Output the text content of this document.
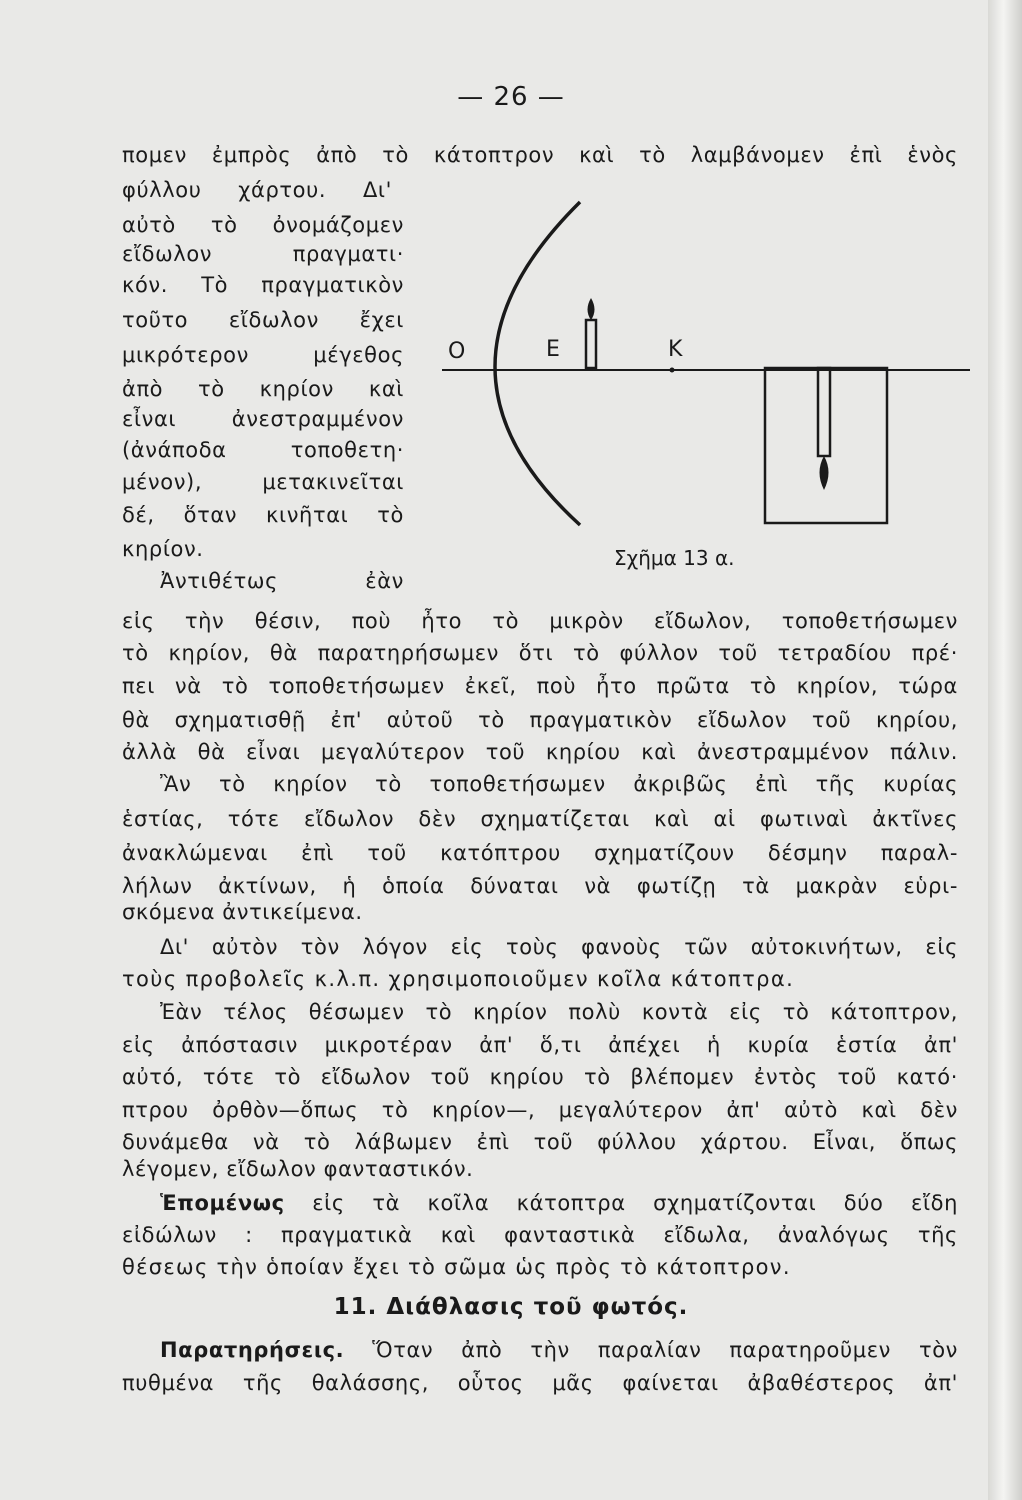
— 26 —
πομεν ἐμπρὸς ἀπὸ τὸ κάτοπτρον καὶ τὸ λαμβάνομεν ἐπὶ ἑνὸς
φύλλου χάρτου. Δι'
αὐτὸ τὸ ὀνομάζομεν
εἴδωλον πραγματι·
κόν. Τὸ πραγματικὸν
τοῦτο εἴδωλον ἔχει
μικρότερον μέγεθος
ἀπὸ τὸ κηρίον καὶ
εἶναι ἀνεστραμμένον
(ἀνάποδα τοποθετη·
μένον), μετακινεῖται
δέ, ὅταν κινῆται τὸ
κηρίον.
Ἀντιθέτως ἐὰν
O	E	K
Σχῆμα 13 α.
εἰς τὴν θέσιν, ποὺ ἦτο τὸ μικρὸν εἴδωλον, τοποθετήσωμεν
τὸ κηρίον, θὰ παρατηρήσωμεν ὅτι τὸ φύλλον τοῦ τετραδίου πρέ·
πει νὰ τὸ τοποθετήσωμεν ἐκεῖ, ποὺ ἦτο πρῶτα τὸ κηρίον, τώρα
θὰ σχηματισθῇ ἐπ' αὐτοῦ τὸ πραγματικὸν εἴδωλον τοῦ κηρίου,
ἀλλὰ θὰ εἶναι μεγαλύτερον τοῦ κηρίου καὶ ἀνεστραμμένον πάλιν.
Ἂν τὸ κηρίον τὸ τοποθετήσωμεν ἀκριβῶς ἐπὶ τῆς κυρίας
ἑστίας, τότε εἴδωλον δὲν σχηματίζεται καὶ αἱ φωτιναὶ ἀκτῖνες
ἀνακλώμεναι ἐπὶ τοῦ κατόπτρου σχηματίζουν δέσμην παραλ-
λήλων ἀκτίνων, ἡ ὁποία δύναται νὰ φωτίζῃ τὰ μακρὰν εὑρι-
σκόμενα ἀντικείμενα.
Δι' αὐτὸν τὸν λόγον εἰς τοὺς φανοὺς τῶν αὐτοκινήτων, εἰς
τοὺς προβολεῖς κ.λ.π. χρησιμοποιοῦμεν κοῖλα κάτοπτρα.
Ἐὰν τέλος θέσωμεν τὸ κηρίον πολὺ κοντὰ εἰς τὸ κάτοπτρον,
εἰς ἀπόστασιν μικροτέραν ἀπ' ὅ,τι ἀπέχει ἡ κυρία ἑστία ἀπ'
αὐτό, τότε τὸ εἴδωλον τοῦ κηρίου τὸ βλέπομεν ἐντὸς τοῦ κατό·
πτρου ὀρθὸν—ὅπως τὸ κηρίον—, μεγαλύτερον ἀπ' αὐτὸ καὶ δὲν
δυνάμεθα νὰ τὸ λάβωμεν ἐπὶ τοῦ φύλλου χάρτου. Εἶναι, ὅπως
λέγομεν, εἴδωλον φανταστικόν.
Ἑπομένως εἰς τὰ κοῖλα κάτοπτρα σχηματίζονται δύο εἴδη
εἰδώλων : πραγματικὰ καὶ φανταστικὰ εἴδωλα, ἀναλόγως τῆς
θέσεως τὴν ὁποίαν ἔχει τὸ σῶμα ὡς πρὸς τὸ κάτοπτρον.
11. Διάθλασις τοῦ φωτός.
Παρατηρήσεις. Ὅταν ἀπὸ τὴν παραλίαν παρατηροῦμεν τὸν
πυθμένα τῆς θαλάσσης, οὗτος μᾶς φαίνεται ἀβαθέστερος ἀπ'
